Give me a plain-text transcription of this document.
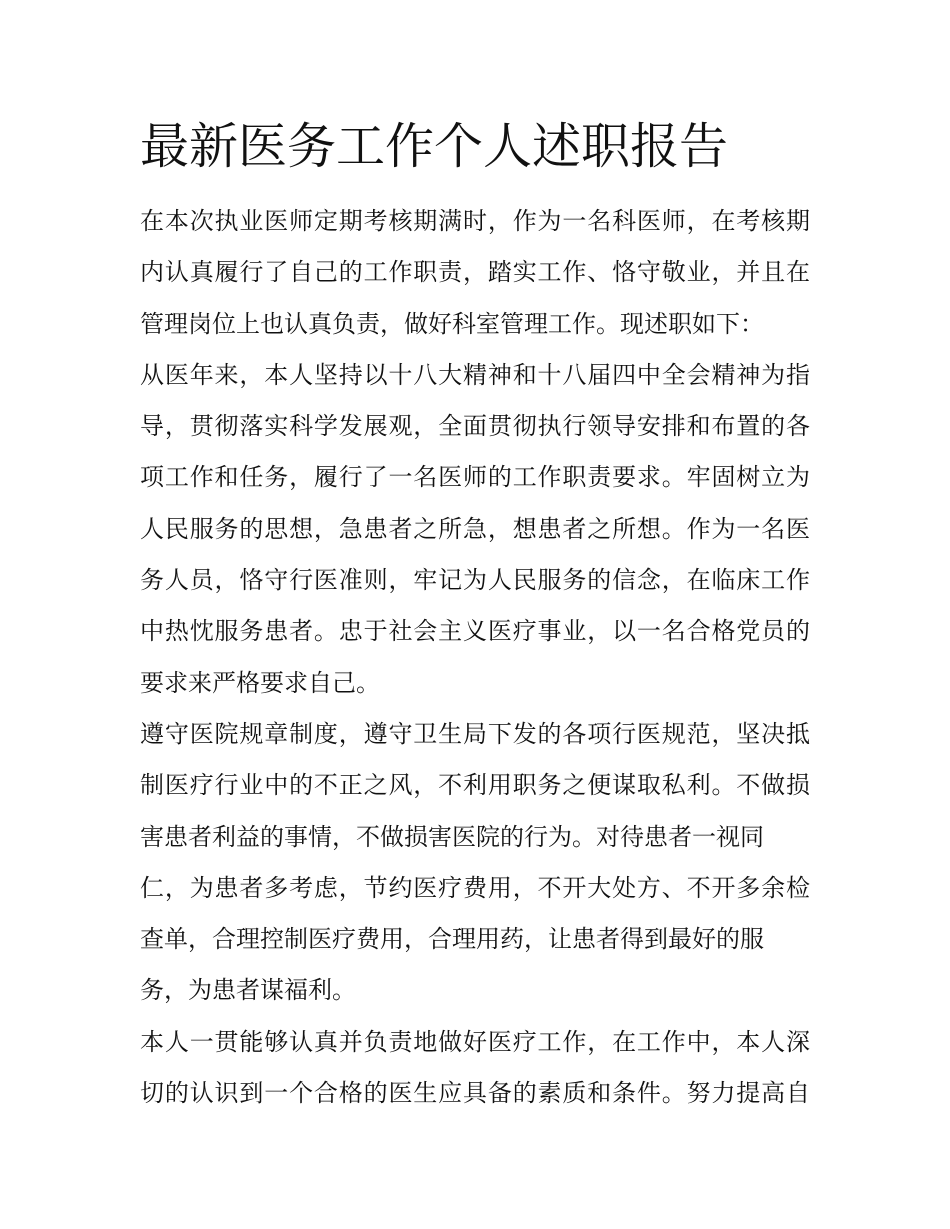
最新医务工作个人述职报告
在本次执业医师定期考核期满时，作为一名科医师，在考核期
内认真履行了自己的工作职责，踏实工作、恪守敬业，并且在
管理岗位上也认真负责，做好科室管理工作。现述职如下：
从医年来，本人坚持以十八大精神和十八届四中全会精神为指
导，贯彻落实科学发展观，全面贯彻执行领导安排和布置的各
项工作和任务，履行了一名医师的工作职责要求。牢固树立为
人民服务的思想，急患者之所急，想患者之所想。作为一名医
务人员，恪守行医准则，牢记为人民服务的信念，在临床工作
中热忱服务患者。忠于社会主义医疗事业，以一名合格党员的
要求来严格要求自己。
遵守医院规章制度，遵守卫生局下发的各项行医规范，坚决抵
制医疗行业中的不正之风，不利用职务之便谋取私利。不做损
害患者利益的事情，不做损害医院的行为。对待患者一视同
仁，为患者多考虑，节约医疗费用，不开大处方、不开多余检
查单，合理控制医疗费用，合理用药，让患者得到最好的服
务，为患者谋福利。
本人一贯能够认真并负责地做好医疗工作，在工作中，本人深
切的认识到一个合格的医生应具备的素质和条件。努力提高自
